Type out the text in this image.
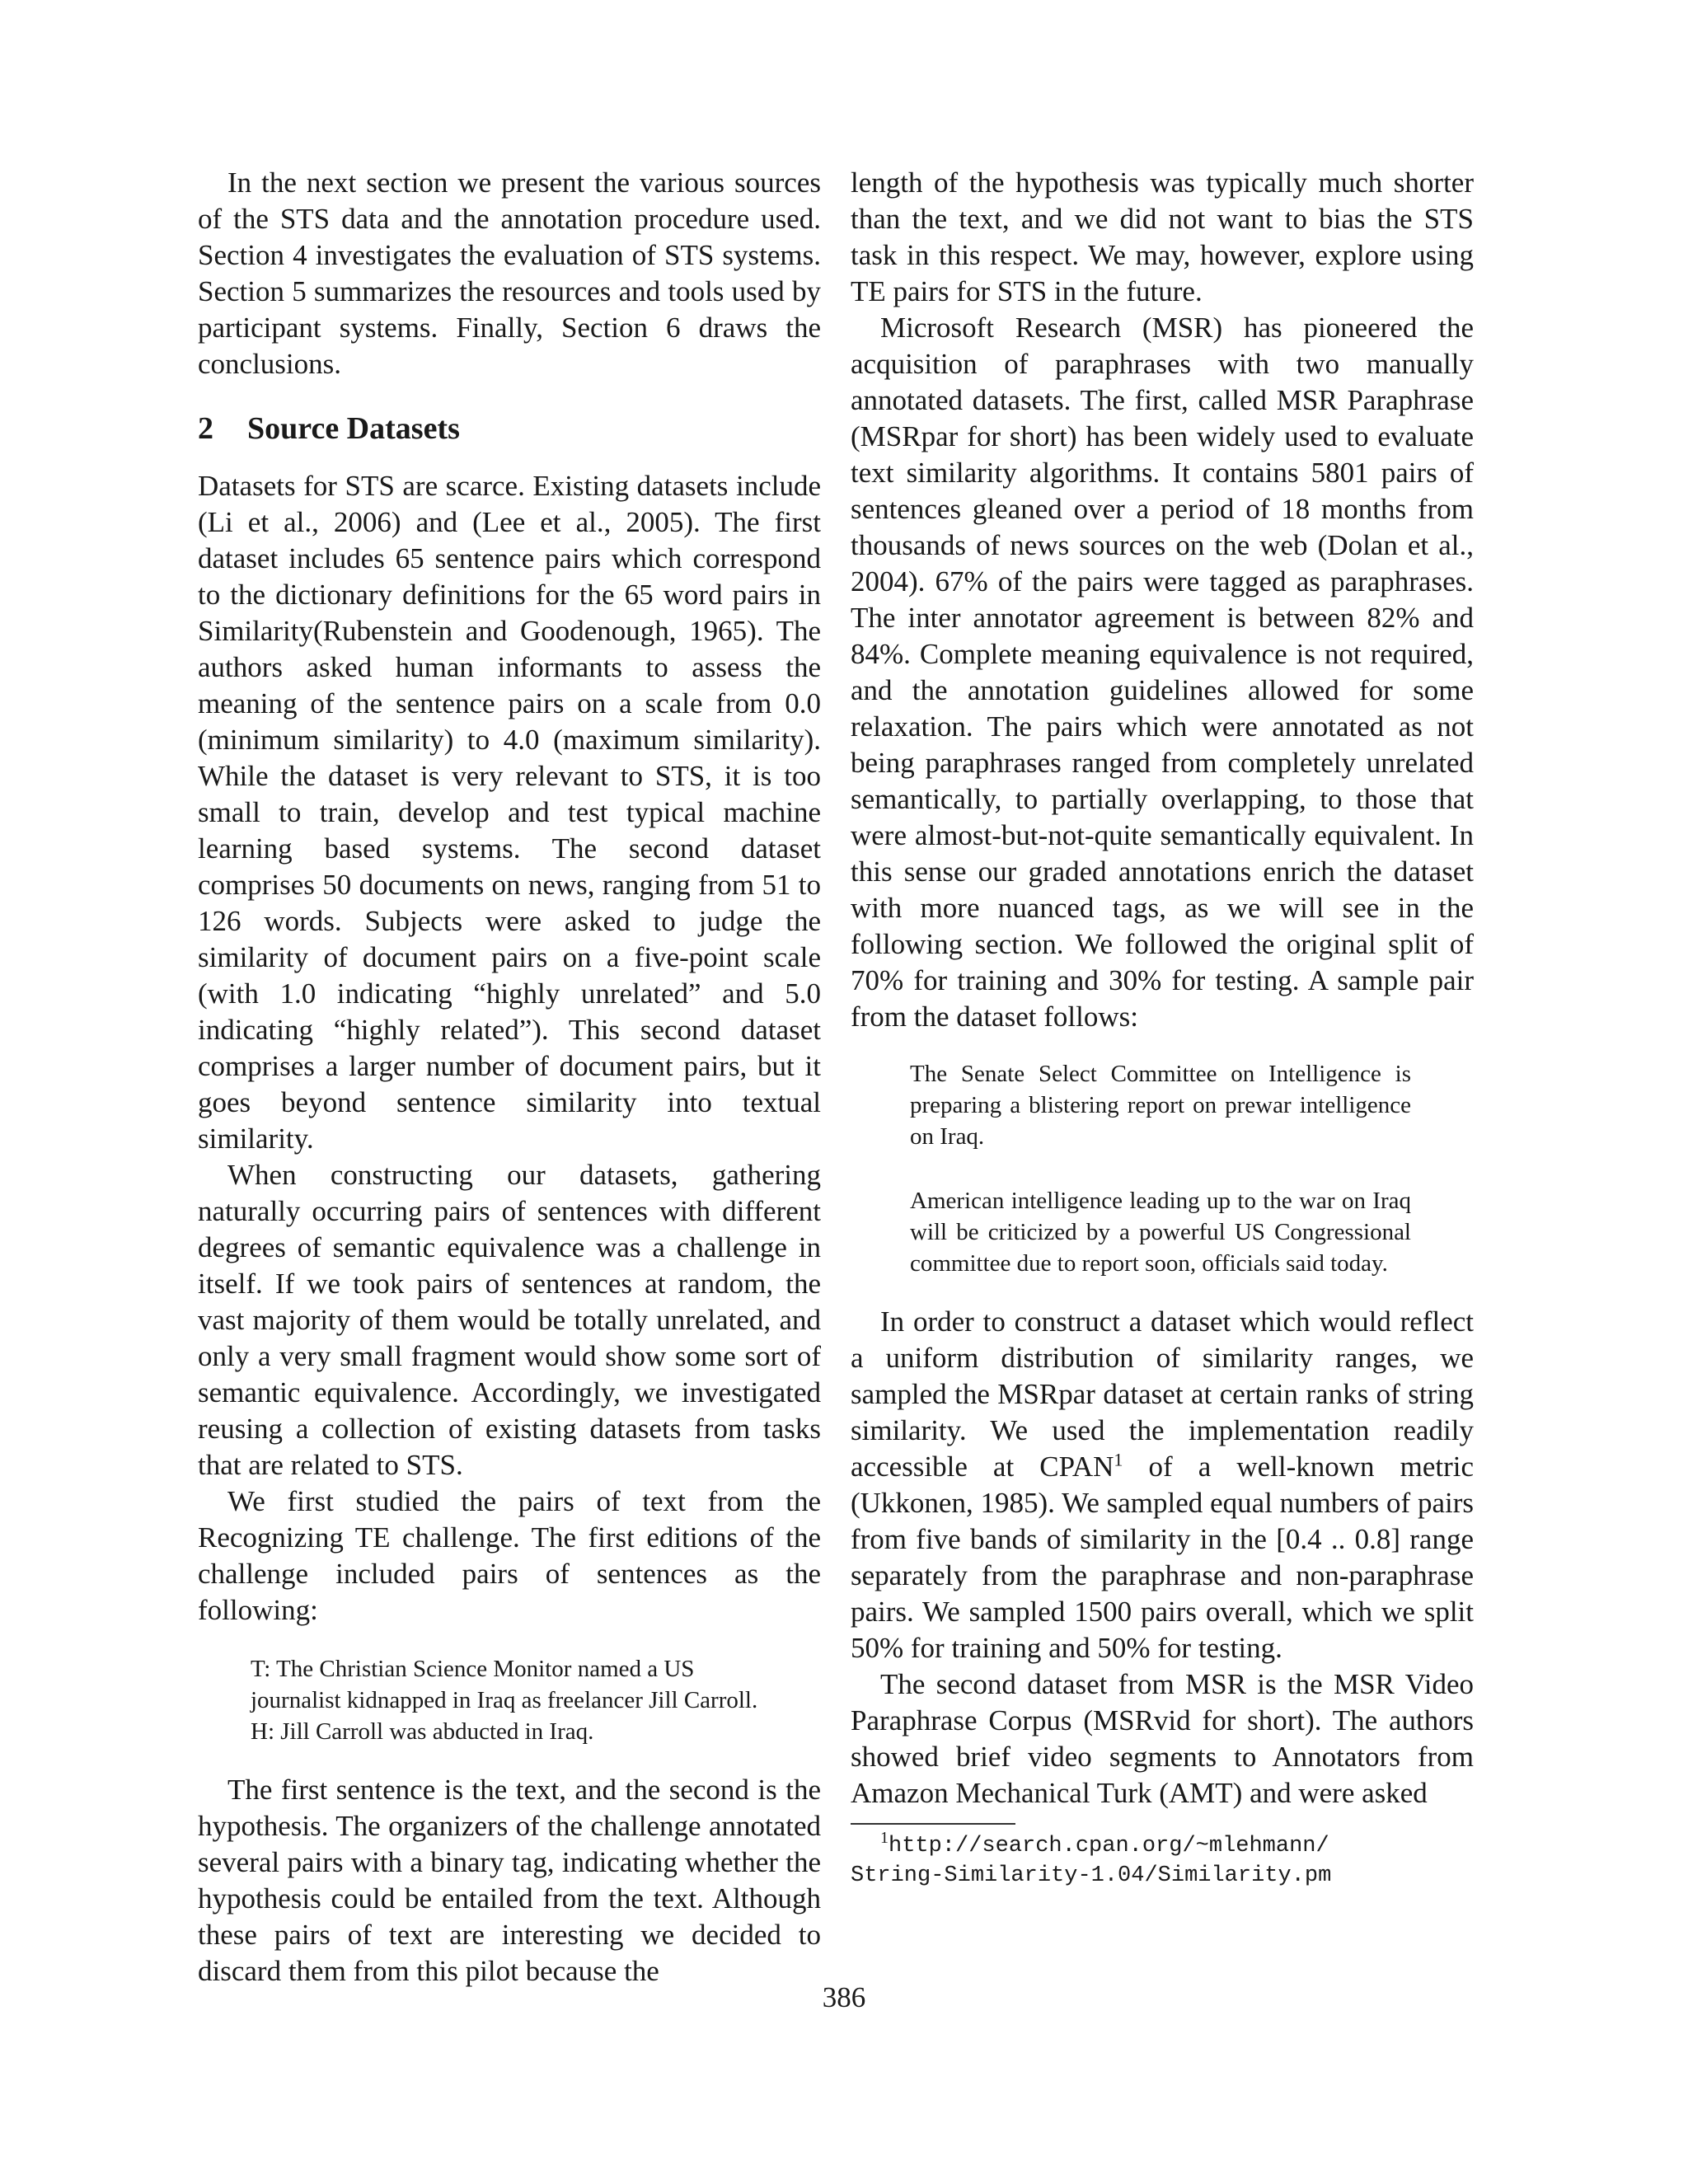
In the next section we present the various sources of the STS data and the annotation procedure used. Section 4 investigates the evaluation of STS systems. Section 5 summarizes the resources and tools used by participant systems. Finally, Section 6 draws the conclusions.

2 Source Datasets

Datasets for STS are scarce. Existing datasets include (Li et al., 2006) and (Lee et al., 2005). The first dataset includes 65 sentence pairs which correspond to the dictionary definitions for the 65 word pairs in Similarity(Rubenstein and Goodenough, 1965). The authors asked human informants to assess the meaning of the sentence pairs on a scale from 0.0 (minimum similarity) to 4.0 (maximum similarity). While the dataset is very relevant to STS, it is too small to train, develop and test typical machine learning based systems. The second dataset comprises 50 documents on news, ranging from 51 to 126 words. Subjects were asked to judge the similarity of document pairs on a five-point scale (with 1.0 indicating “highly unrelated” and 5.0 indicating “highly related”). This second dataset comprises a larger number of document pairs, but it goes beyond sentence similarity into textual similarity.

When constructing our datasets, gathering naturally occurring pairs of sentences with different degrees of semantic equivalence was a challenge in itself. If we took pairs of sentences at random, the vast majority of them would be totally unrelated, and only a very small fragment would show some sort of semantic equivalence. Accordingly, we investigated reusing a collection of existing datasets from tasks that are related to STS.

We first studied the pairs of text from the Recognizing TE challenge. The first editions of the challenge included pairs of sentences as the following:

T: The Christian Science Monitor named a US journalist kidnapped in Iraq as freelancer Jill Carroll.
H: Jill Carroll was abducted in Iraq.

The first sentence is the text, and the second is the hypothesis. The organizers of the challenge annotated several pairs with a binary tag, indicating whether the hypothesis could be entailed from the text. Although these pairs of text are interesting we decided to discard them from this pilot because the

length of the hypothesis was typically much shorter than the text, and we did not want to bias the STS task in this respect. We may, however, explore using TE pairs for STS in the future.

Microsoft Research (MSR) has pioneered the acquisition of paraphrases with two manually annotated datasets. The first, called MSR Paraphrase (MSRpar for short) has been widely used to evaluate text similarity algorithms. It contains 5801 pairs of sentences gleaned over a period of 18 months from thousands of news sources on the web (Dolan et al., 2004). 67% of the pairs were tagged as paraphrases. The inter annotator agreement is between 82% and 84%. Complete meaning equivalence is not required, and the annotation guidelines allowed for some relaxation. The pairs which were annotated as not being paraphrases ranged from completely unrelated semantically, to partially overlapping, to those that were almost-but-not-quite semantically equivalent. In this sense our graded annotations enrich the dataset with more nuanced tags, as we will see in the following section. We followed the original split of 70% for training and 30% for testing. A sample pair from the dataset follows:

The Senate Select Committee on Intelligence is preparing a blistering report on prewar intelligence on Iraq.
American intelligence leading up to the war on Iraq will be criticized by a powerful US Congressional committee due to report soon, officials said today.

In order to construct a dataset which would reflect a uniform distribution of similarity ranges, we sampled the MSRpar dataset at certain ranks of string similarity. We used the implementation readily accessible at CPAN$^1$ of a well-known metric (Ukkonen, 1985). We sampled equal numbers of pairs from five bands of similarity in the [0.4 .. 0.8] range separately from the paraphrase and non-paraphrase pairs. We sampled 1500 pairs overall, which we split 50% for training and 50% for testing.

The second dataset from MSR is the MSR Video Paraphrase Corpus (MSRvid for short). The authors showed brief video segments to Annotators from Amazon Mechanical Turk (AMT) and were asked

$^1$http://search.cpan.org/~mlehmann/
String-Similarity-1.04/Similarity.pm
386
